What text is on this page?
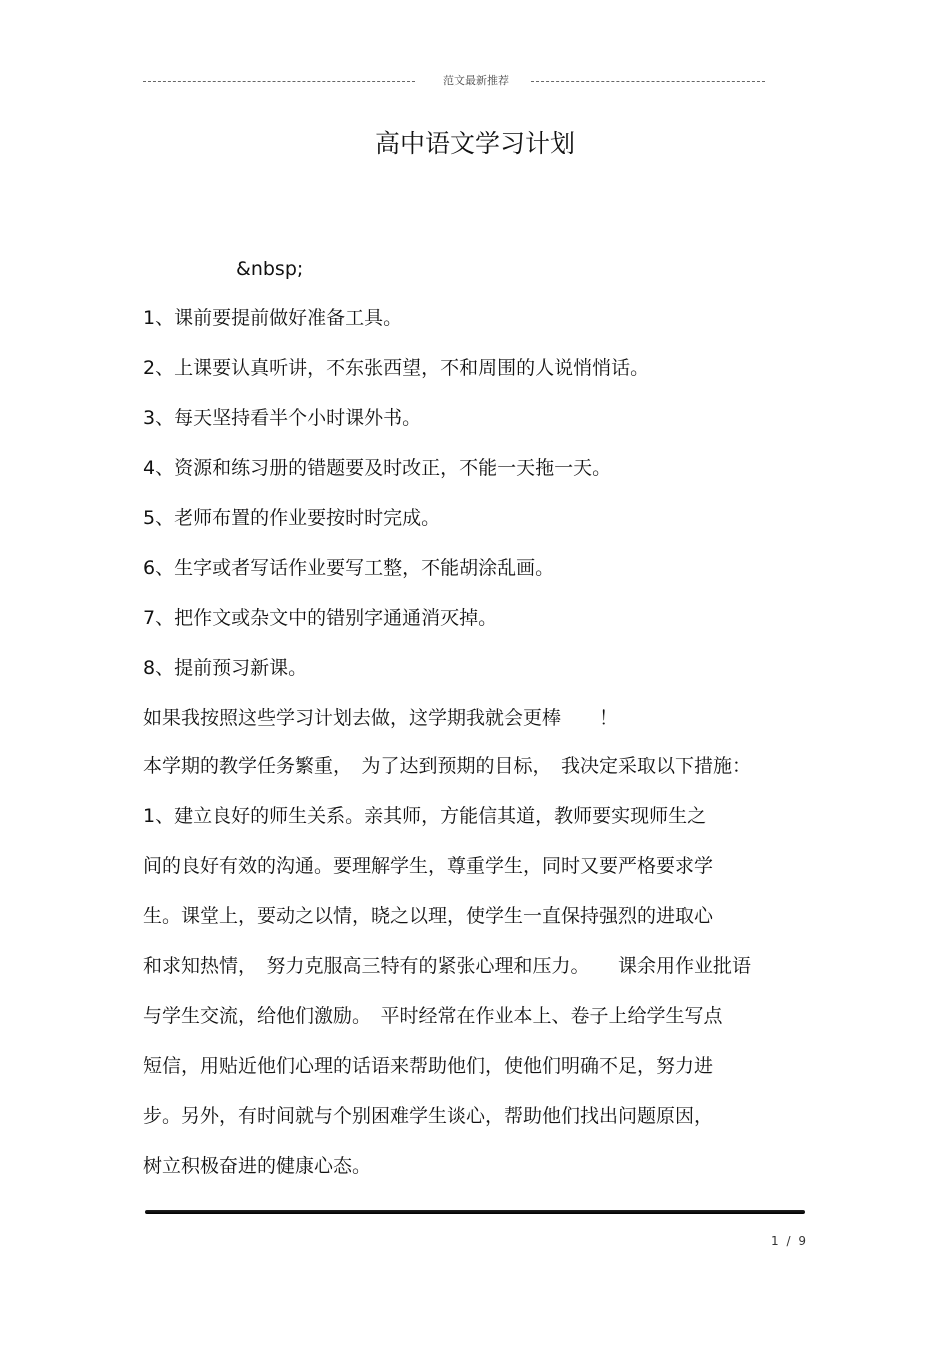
范文最新推荐
高中语文学习计划
&nbsp;
1、课前要提前做好准备工具。
2、上课要认真听讲，不东张西望，不和周围的人说悄悄话。
3、每天坚持看半个小时课外书。
4、资源和练习册的错题要及时改正，不能一天拖一天。
5、老师布置的作业要按时时完成。
6、生字或者写话作业要写工整，不能胡涂乱画。
7、把作文或杂文中的错别字通通消灭掉。
8、提前预习新课。
如果我按照这些学习计划去做，这学期我就会更棒　　！
本学期的教学任务繁重，　为了达到预期的目标，　我决定采取以下措施：
1、建立良好的师生关系。亲其师，方能信其道，教师要实现师生之
间的良好有效的沟通。要理解学生，尊重学生，同时又要严格要求学
生。课堂上，要动之以情，晓之以理，使学生一直保持强烈的进取心
和求知热情，　努力克服高三特有的紧张心理和压力。　　课余用作业批语
与学生交流，给他们激励。　平时经常在作业本上、卷子上给学生写点
短信，用贴近他们心理的话语来帮助他们，使他们明确不足，努力进
步。另外，有时间就与个别困难学生谈心，帮助他们找出问题原因，
树立积极奋进的健康心态。
1 / 9
